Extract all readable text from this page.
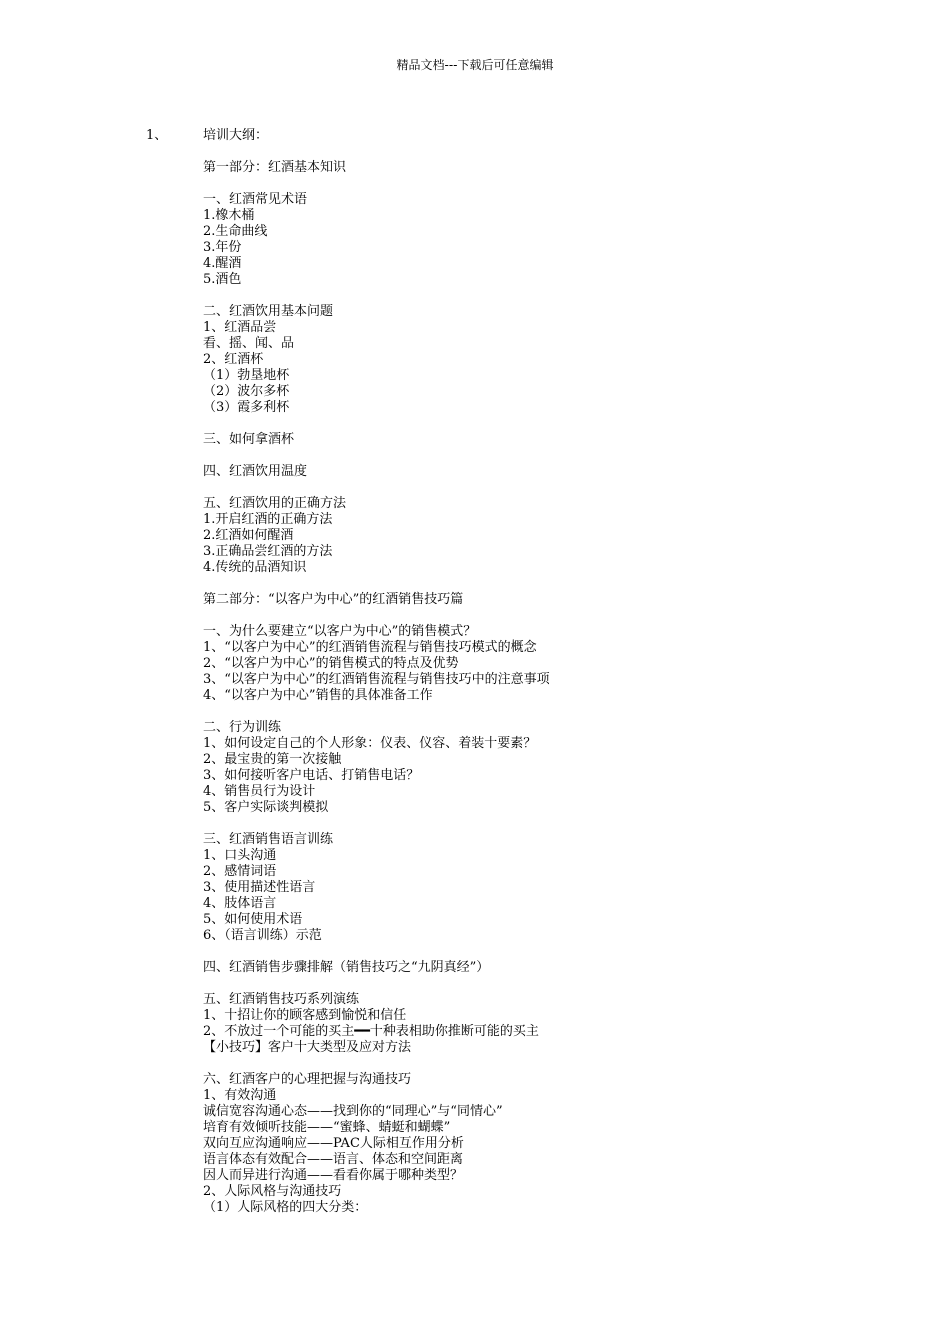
精品文档---下载后可任意编辑
1、	培训大纲：
第一部分：红酒基本知识
一、红酒常见术语
1.橡木桶
2.生命曲线
3.年份
4.醒酒
5.酒色
二、红酒饮用基本问题
1、红酒品尝
看、摇、闻、品
2、红酒杯
（1）勃垦地杯
（2）波尔多杯
（3）霞多利杯
三、如何拿酒杯
四、红酒饮用温度
五、红酒饮用的正确方法
1.开启红酒的正确方法
2.红酒如何醒酒
3.正确品尝红酒的方法
4.传统的品酒知识
第二部分：“以客户为中心”的红酒销售技巧篇
一、为什么要建立“以客户为中心”的销售模式？
1、“以客户为中心”的红酒销售流程与销售技巧模式的概念
2、“以客户为中心”的销售模式的特点及优势
3、“以客户为中心”的红酒销售流程与销售技巧中的注意事项
4、“以客户为中心”销售的具体准备工作
二、行为训练
1、如何设定自己的个人形象：仪表、仪容、着装十要素？
2、最宝贵的第一次接触
3、如何接听客户电话、打销售电话？
4、销售员行为设计
5、客户实际谈判模拟
三、红酒销售语言训练
1、口头沟通
2、感情词语
3、使用描述性语言
4、肢体语言
5、如何使用术语
6、（语言训练）示范
四、红酒销售步骤排解（销售技巧之“九阴真经”）
五、红酒销售技巧系列演练
1、十招让你的顾客感到愉悦和信任
2、不放过一个可能的买主━━十种表相助你推断可能的买主
【小技巧】客户十大类型及应对方法
六、红酒客户的心理把握与沟通技巧
1、有效沟通
诚信宽容沟通心态——找到你的“同理心”与“同情心”
培育有效倾听技能——“蜜蜂、蜻蜓和蝴蝶”
双向互应沟通响应——PAC人际相互作用分析
语言体态有效配合——语言、体态和空间距离
因人而异进行沟通——看看你属于哪种类型？
2、人际风格与沟通技巧
（1）人际风格的四大分类：
